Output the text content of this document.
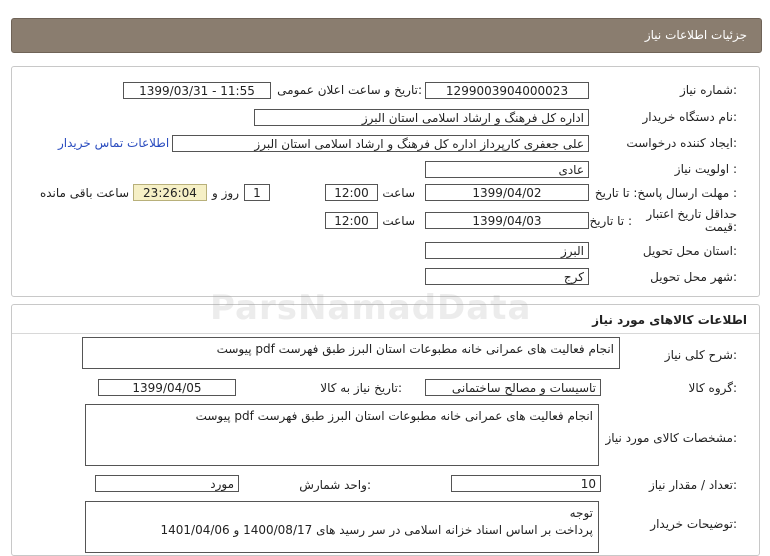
جزئیات اطلاعات نیاز
شماره نیاز:
1299003904000023
تاریخ و ساعت اعلان عمومی:
1399/03/31 - 11:55
نام دستگاه خریدار:
اداره کل فرهنگ و ارشاد اسلامی استان البرز
ایجاد کننده درخواست:
علی جعفری کارپرداز اداره کل فرهنگ و ارشاد اسلامی استان البرز
اطلاعات تماس خریدار
اولویت نیاز :
عادی
مهلت ارسال پاسخ: تا تاریخ :
1399/04/02
ساعت
12:00
1
روز و
23:26:04
ساعت باقی مانده
حداقل تاریخ اعتبار قیمت:
تا تاریخ :
1399/04/03
ساعت
12:00
استان محل تحویل:
البرز
شهر محل تحویل:
کرج
اطلاعات کالاهای مورد نیاز
شرح کلی نیاز:
انجام فعالیت های عمرانی خانه مطبوعات استان البرز طبق فهرست pdf پیوست
گروه کالا:
تاسیسات و مصالح ساختمانی
تاریخ نیاز به کالا:
1399/04/05
مشخصات کالای مورد نیاز:
انجام فعالیت های عمرانی خانه مطبوعات استان البرز طبق فهرست pdf پیوست
تعداد / مقدار نیاز:
10
واحد شمارش:
مورد
توضیحات خریدار:
توجه
پرداخت بر اساس اسناد خزانه اسلامی در سر رسید های 1400/08/17 و 1401/04/06
